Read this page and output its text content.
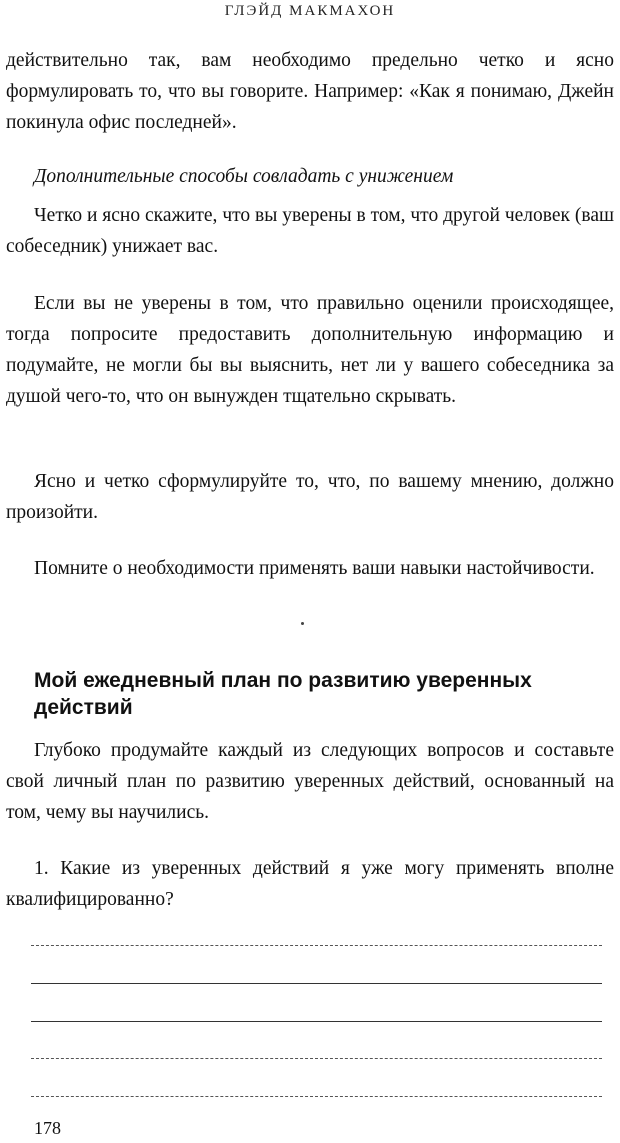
ГЛЭЙД МАКМАХОН

действительно так, вам необходимо предельно четко и ясно формулировать то, что вы говорите. Например: «Как я понимаю, Джейн покинула офис последней».

Дополнительные способы совладать с унижением

Четко и ясно скажите, что вы уверены в том, что другой человек (ваш собеседник) унижает вас.

Если вы не уверены в том, что правильно оценили происходящее, тогда попросите предоставить дополнительную информацию и подумайте, не могли бы вы выяснить, нет ли у вашего собеседника за душой чего-то, что он вынужден тщательно скрывать.

Ясно и четко сформулируйте то, что, по вашему мнению, должно произойти.

Помните о необходимости применять ваши навыки настойчивости.

Мой ежедневный план по развитию уверенных действий

Глубоко продумайте каждый из следующих вопросов и составьте свой личный план по развитию уверенных действий, основанный на том, чему вы научились.

1. Какие из уверенных действий я уже могу применять вполне квалифицированно?

178
